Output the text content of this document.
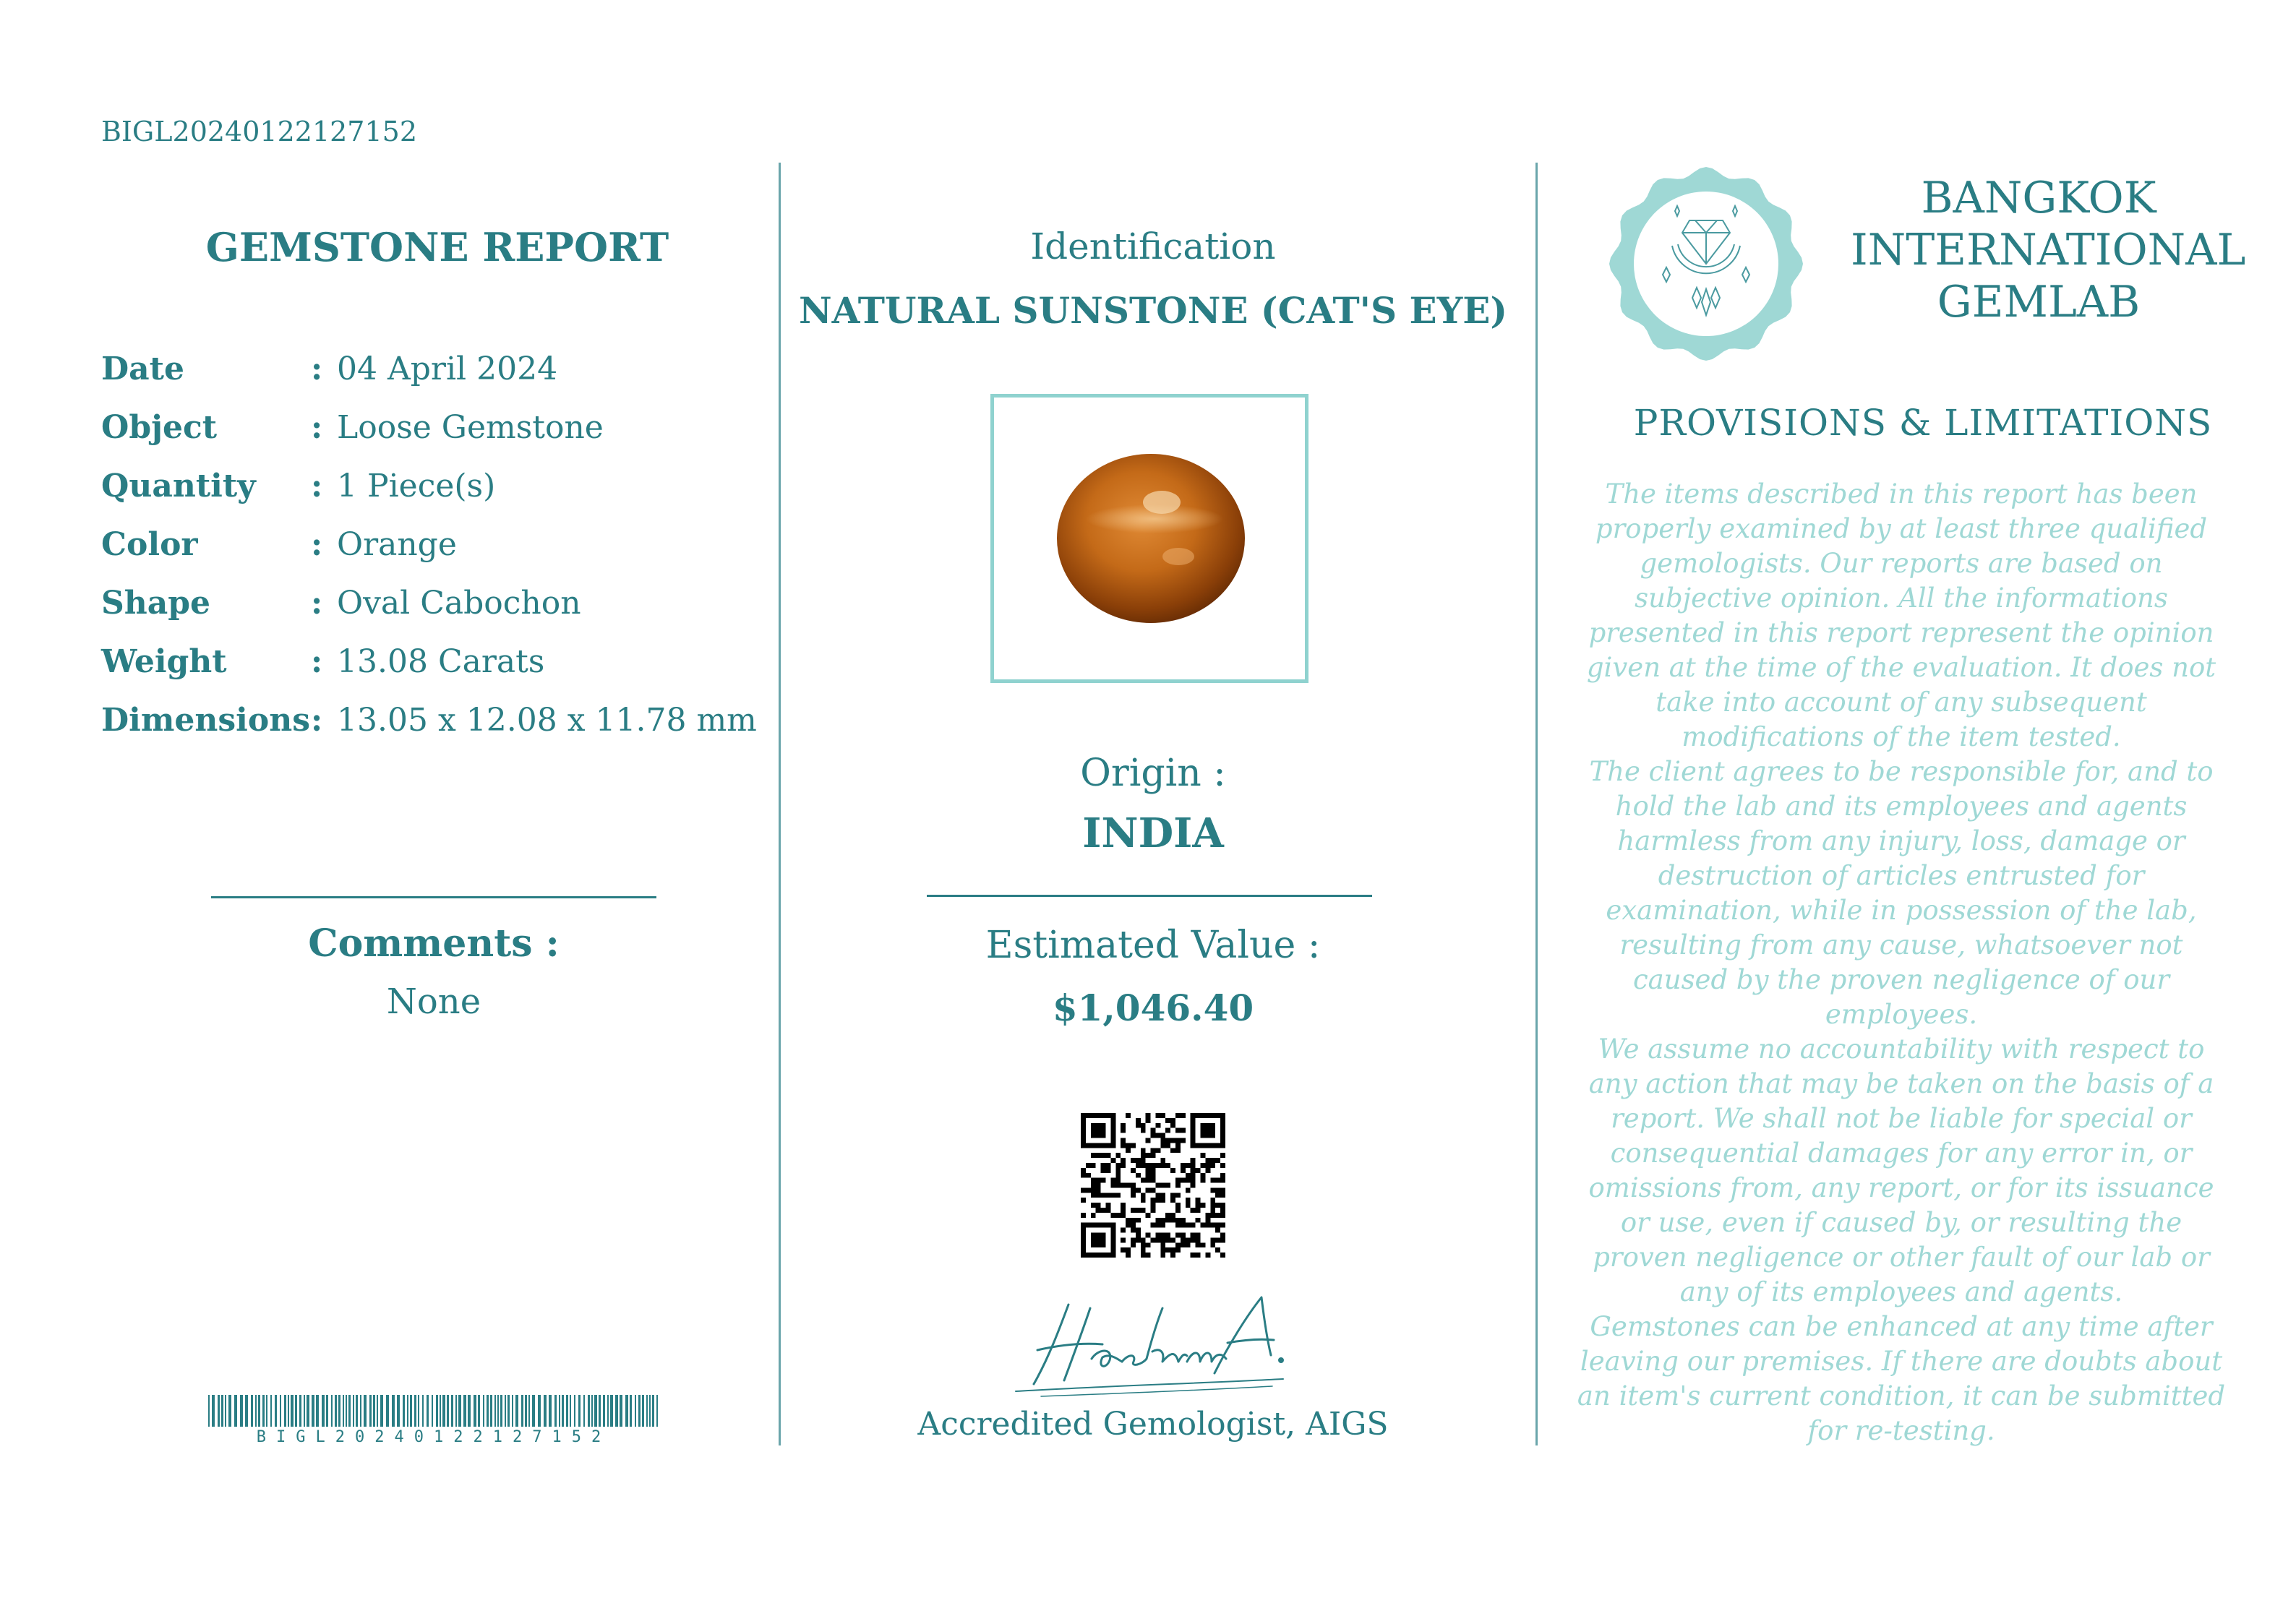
BIGL20240122127152
GEMSTONE REPORT
Date	: 04 April 2024
Object	: Loose Gemstone
Quantity	: 1 Piece(s)
Color	: Orange
Shape	: Oval Cabochon
Weight	: 13.08 Carats
Dimensions : 13.05 x 12.08 x 11.78 mm
Comments :
None
BIGL20240122127152
Identification
NATURAL SUNSTONE (CAT'S EYE)
Origin :
INDIA
Estimated Value :
$1,046.40
Accredited Gemologist, AIGS
BANGKOK
INTERNATIONAL
GEMLAB
PROVISIONS & LIMITATIONS

The items described in this report has been properly examined by at least three qualified gemologists. Our reports are based on subjective opinion. All the informations presented in this report represent the opinion given at the time of the evaluation. It does not take into account of any subsequent modifications of the item tested.

The client agrees to be responsible for, and to hold the lab and its employees and agents harmless from any injury, loss, damage or destruction of articles entrusted for examination, while in possession of the lab, resulting from any cause, whatsoever not caused by the proven negligence of our employees.

We assume no accountability with respect to any action that may be taken on the basis of a report. We shall not be liable for special or consequential damages for any error in, or omissions from, any report, or for its issuance or use, even if caused by, or resulting the proven negligence or other fault of our lab or any of its employees and agents.

Gemstones can be enhanced at any time after leaving our premises. If there are doubts about an item's current condition, it can be submitted for re-testing.
